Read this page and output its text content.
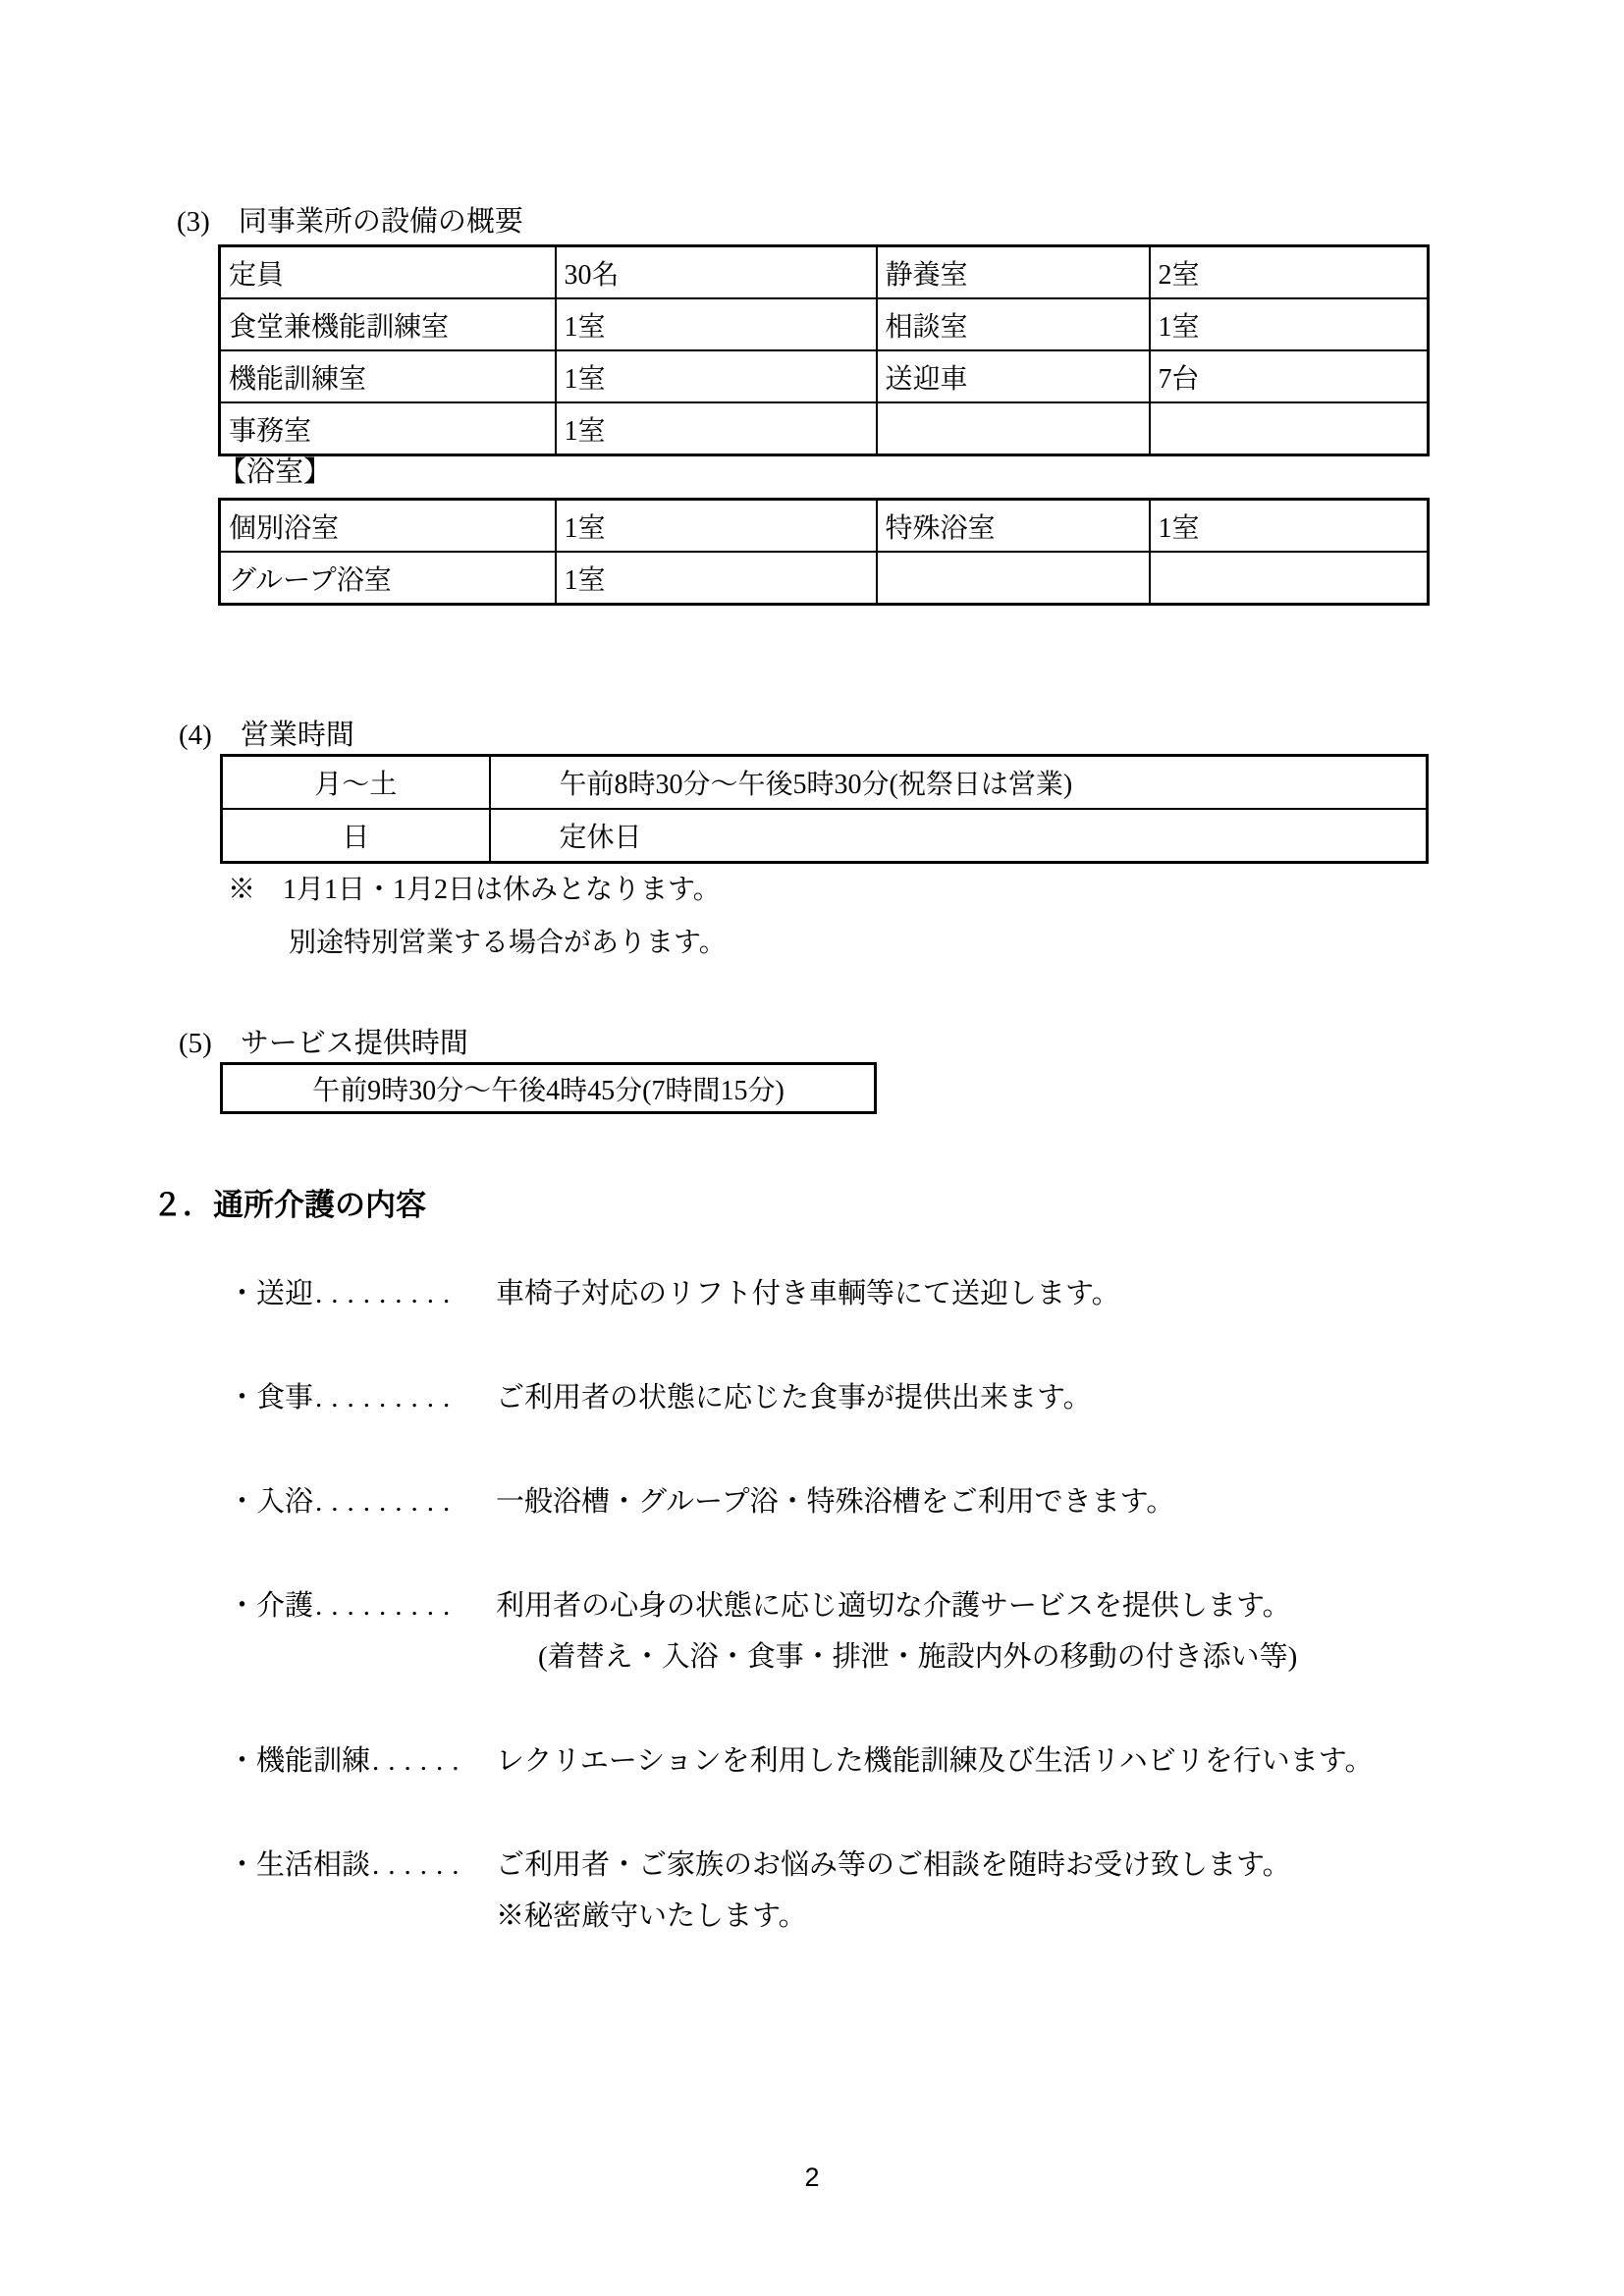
(3)　同事業所の設備の概要
定員	30名	静養室	2室
食堂兼機能訓練室	1室	相談室	1室
機能訓練室	1室	送迎車	7台
事務室	1室		
【浴室】
個別浴室	1室	特殊浴室	1室
グループ浴室	1室		
(4)　営業時間
月～土	午前8時30分～午後5時30分(祝祭日は営業)
日	定休日
※　1月1日・1月2日は休みとなります。
別途特別営業する場合があります。
(5)　サービス提供時間
午前9時30分～午後4時45分(7時間15分)
２．通所介護の内容
・送迎.........	車椅子対応のリフト付き車輌等にて送迎します。
・食事.........	ご利用者の状態に応じた食事が提供出来ます。
・入浴.........	一般浴槽・グループ浴・特殊浴槽をご利用できます。
・介護.........	利用者の心身の状態に応じ適切な介護サービスを提供します。
(着替え・入浴・食事・排泄・施設内外の移動の付き添い等)
・機能訓練...... レクリエーションを利用した機能訓練及び生活リハビリを行います。
・生活相談...... ご利用者・ご家族のお悩み等のご相談を随時お受け致します。
※秘密厳守いたします。
2
